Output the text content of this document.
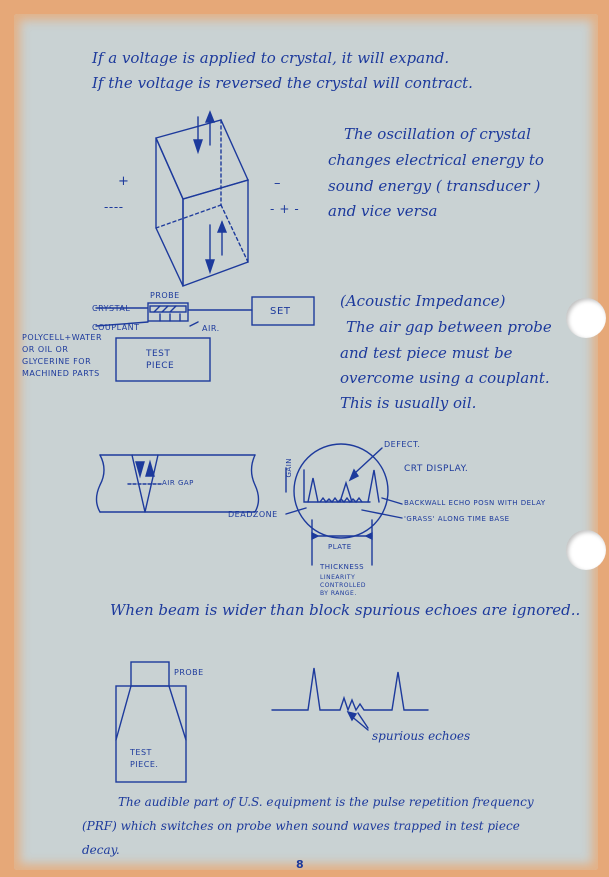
If a voltage is applied to crystal, it will expand.
If the voltage is reversed the crystal will contract.
The oscillation of crystal
changes electrical energy to
sound energy ( transducer )
and vice versa
(Acoustic Impedance)
The air gap between probe
and test piece must be
overcome using a couplant.
This is usually oil.
+	–
----	- + -
PROBE
CRYSTAL
COUPLANT	AIR.
SET
TEST
PIECE
POLYCELL+WATER
OR OIL OR
GLYCERINE FOR
MACHINED PARTS
AIR GAP
DEFECT.
CRT DISPLAY.
GAIN
BACKWALL ECHO POSN WITH DELAY
'GRASS' ALONG TIME BASE
DEADZONE
PLATE
THICKNESS
LINEARITY
CONTROLLED
BY RANGE.
When beam is wider than block spurious echoes are ignored..
PROBE
TEST
PIECE.
spurious echoes
The audible part of U.S. equipment is the pulse repetition frequency
(PRF) which switches on probe when sound waves trapped in test piece
decay.
8
